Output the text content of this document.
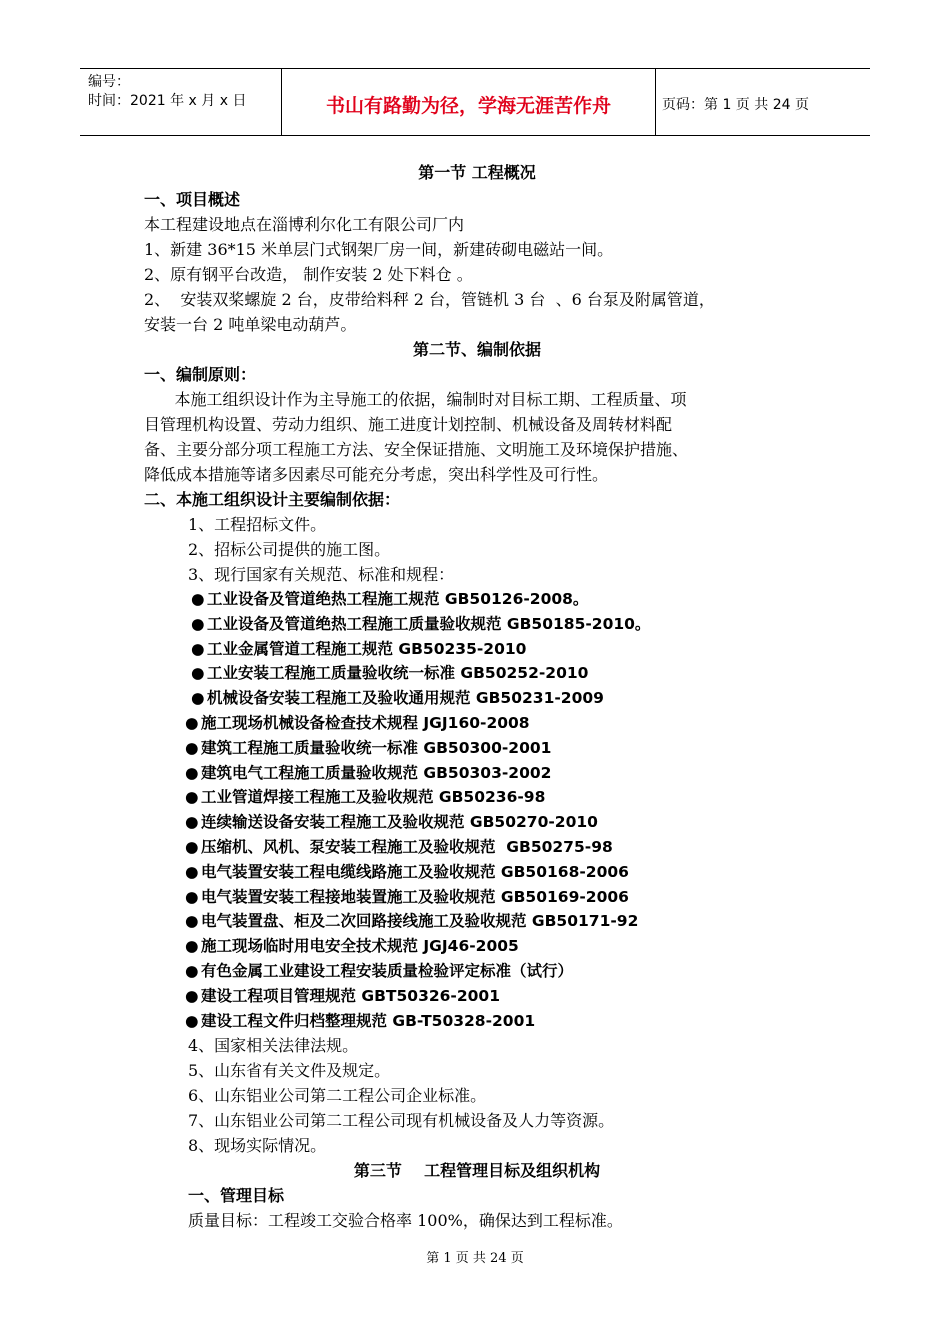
编号：
时间：2021 年 x 月 x 日	书山有路勤为径，学海无涯苦作舟	页码：第 1 页 共 24 页
第一节 工程概况
一、项目概述
本工程建设地点在淄博利尔化工有限公司厂内
1、新建 36*15 米单层门式钢架厂房一间，新建砖砌电磁站一间。
2、原有钢平台改造， 制作安装 2 处下料仓 。
2、  安装双桨螺旋 2 台，皮带给料秤 2 台，管链机 3 台  、6 台泵及附属管道，
安装一台 2 吨单梁电动葫芦。
第二节、编制依据
一、编制原则：
本施工组织设计作为主导施工的依据，编制时对目标工期、工程质量、项
目管理机构设置、劳动力组织、施工进度计划控制、机械设备及周转材料配
备、主要分部分项工程施工方法、安全保证措施、文明施工及环境保护措施、
降低成本措施等诸多因素尽可能充分考虑，突出科学性及可行性。
二、本施工组织设计主要编制依据：
1、工程招标文件。
2、招标公司提供的施工图。
3、现行国家有关规范、标准和规程：
● 工业设备及管道绝热工程施工规范 GB50126-2008。
● 工业设备及管道绝热工程施工质量验收规范 GB50185-2010。
● 工业金属管道工程施工规范 GB50235-2010
● 工业安装工程施工质量验收统一标准 GB50252-2010
● 机械设备安装工程施工及验收通用规范 GB50231-2009
● 施工现场机械设备检查技术规程 JGJ160-2008
● 建筑工程施工质量验收统一标准 GB50300-2001
● 建筑电气工程施工质量验收规范 GB50303-2002
● 工业管道焊接工程施工及验收规范 GB50236-98
● 连续输送设备安装工程施工及验收规范 GB50270-2010
● 压缩机、风机、泵安装工程施工及验收规范  GB50275-98
● 电气装置安装工程电缆线路施工及验收规范 GB50168-2006
● 电气装置安装工程接地装置施工及验收规范 GB50169-2006
● 电气装置盘、柜及二次回路接线施工及验收规范 GB50171-92
● 施工现场临时用电安全技术规范 JGJ46-2005
● 有色金属工业建设工程安装质量检验评定标准（试行）
● 建设工程项目管理规范 GBT50326-2001
● 建设工程文件归档整理规范 GB-T50328-2001
4、国家相关法律法规。
5、山东省有关文件及规定。
6、山东铝业公司第二工程公司企业标准。
7、山东铝业公司第二工程公司现有机械设备及人力等资源。
8、现场实际情况。
第三节    工程管理目标及组织机构
一、管理目标
质量目标：工程竣工交验合格率 100%，确保达到工程标准。
第 1 页 共 24 页
